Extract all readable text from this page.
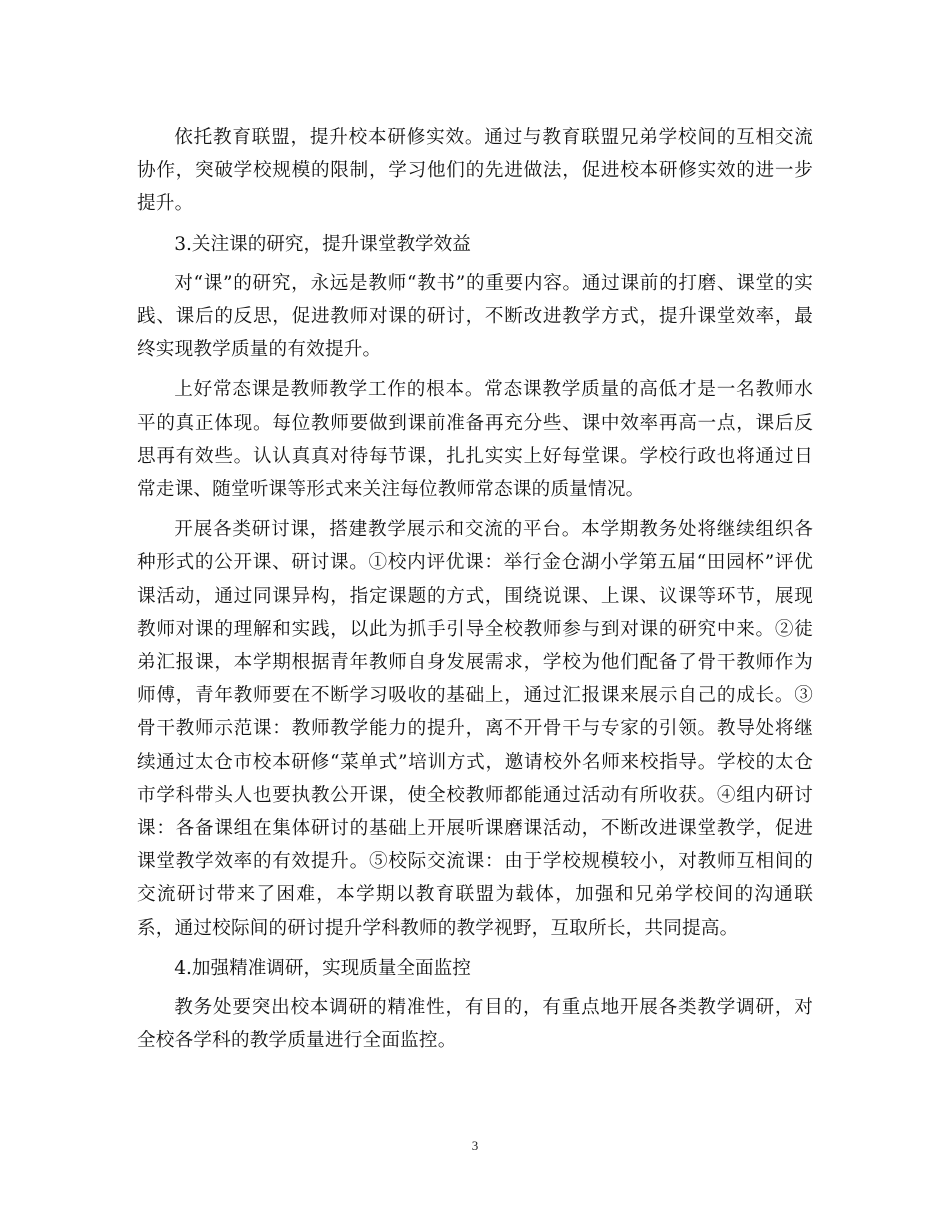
依托教育联盟，提升校本研修实效。通过与教育联盟兄弟学校间的互相交流协作，突破学校规模的限制，学习他们的先进做法，促进校本研修实效的进一步提升。

3.关注课的研究，提升课堂教学效益

对“课”的研究，永远是教师“教书”的重要内容。通过课前的打磨、课堂的实践、课后的反思，促进教师对课的研讨，不断改进教学方式，提升课堂效率，最终实现教学质量的有效提升。

上好常态课是教师教学工作的根本。常态课教学质量的高低才是一名教师水平的真正体现。每位教师要做到课前准备再充分些、课中效率再高一点，课后反思再有效些。认认真真对待每节课，扎扎实实上好每堂课。学校行政也将通过日常走课、随堂听课等形式来关注每位教师常态课的质量情况。

开展各类研讨课，搭建教学展示和交流的平台。本学期教务处将继续组织各种形式的公开课、研讨课。①校内评优课：举行金仓湖小学第五届“田园杯”评优课活动，通过同课异构，指定课题的方式，围绕说课、上课、议课等环节，展现教师对课的理解和实践，以此为抓手引导全校教师参与到对课的研究中来。②徒弟汇报课，本学期根据青年教师自身发展需求，学校为他们配备了骨干教师作为师傅，青年教师要在不断学习吸收的基础上，通过汇报课来展示自己的成长。③骨干教师示范课：教师教学能力的提升，离不开骨干与专家的引领。教导处将继续通过太仓市校本研修“菜单式”培训方式，邀请校外名师来校指导。学校的太仓市学科带头人也要执教公开课，使全校教师都能通过活动有所收获。④组内研讨课：各备课组在集体研讨的基础上开展听课磨课活动，不断改进课堂教学，促进课堂教学效率的有效提升。⑤校际交流课：由于学校规模较小，对教师互相间的交流研讨带来了困难，本学期以教育联盟为载体，加强和兄弟学校间的沟通联系，通过校际间的研讨提升学科教师的教学视野，互取所长，共同提高。

4.加强精准调研，实现质量全面监控

教务处要突出校本调研的精准性，有目的，有重点地开展各类教学调研，对全校各学科的教学质量进行全面监控。

3
